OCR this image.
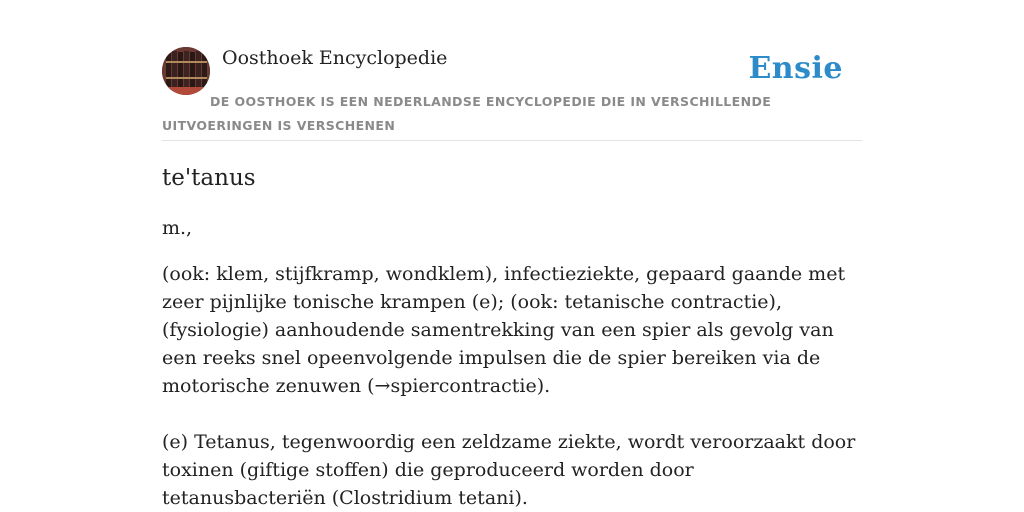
Oosthoek Encyclopedie	Ensie
DE OOSTHOEK IS EEN NEDERLANDSE ENCYCLOPEDIE DIE IN VERSCHILLENDE UITVOERINGEN IS VERSCHENEN
te'tanus

m.,

(ook: klem, stijfkramp, wondklem), infectieziekte, gepaard gaande met zeer pijnlijke tonische krampen (e); (ook: tetanische contractie), (fysiologie) aanhoudende samentrekking van een spier als gevolg van een reeks snel opeenvolgende impulsen die de spier bereiken via de motorische zenuwen (→spiercontractie).

(e) Tetanus, tegenwoordig een zeldzame ziekte, wordt veroorzaakt door toxinen (giftige stoffen) die geproduceerd worden door tetanusbacteriën (Clostridium tetani).
